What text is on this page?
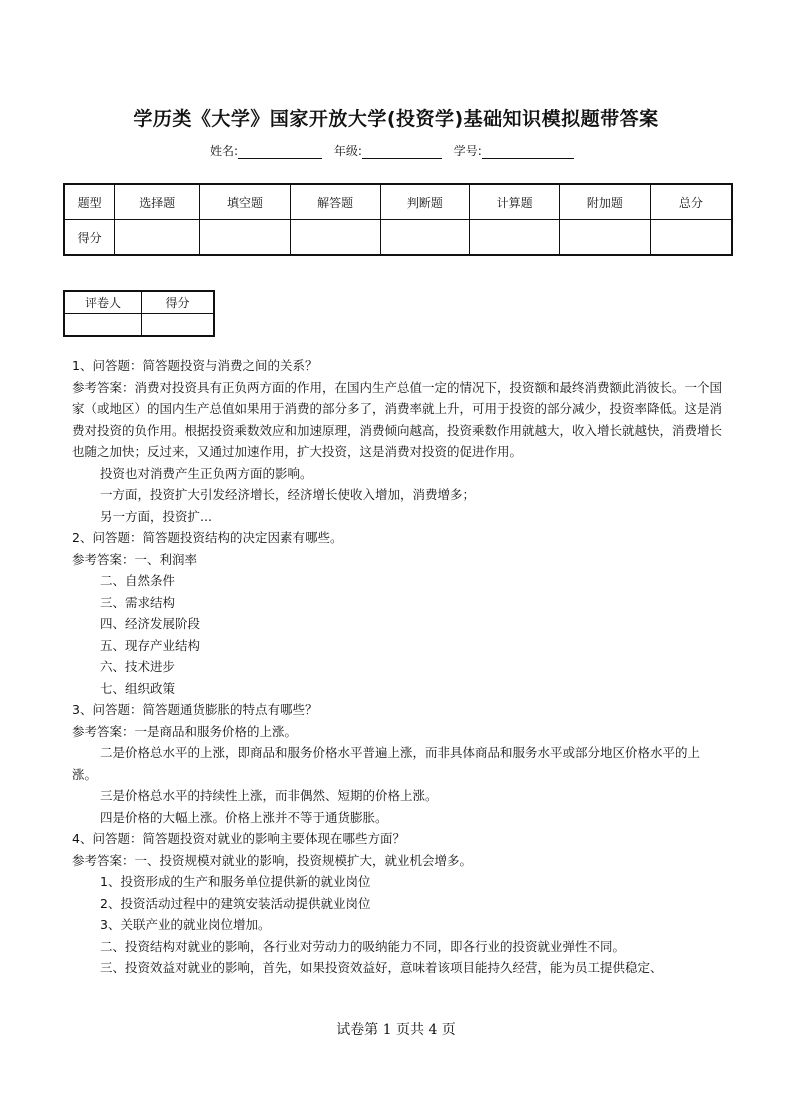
学历类《大学》国家开放大学(投资学)基础知识模拟题带答案
姓名:	年级:	学号:
题型	选择题	填空题	解答题	判断题	计算题	附加题	总分
得分							
评卷人	得分

1、问答题：简答题投资与消费之间的关系？

参考答案：消费对投资具有正负两方面的作用，在国内生产总值一定的情况下，投资额和最终消费额此消彼长。一个国家（或地区）的国内生产总值如果用于消费的部分多了，消费率就上升，可用于投资的部分减少，投资率降低。这是消费对投资的负作用。根据投资乘数效应和加速原理，消费倾向越高，投资乘数作用就越大，收入增长就越快，消费增长也随之加快；反过来，又通过加速作用，扩大投资，这是消费对投资的促进作用。

投资也对消费产生正负两方面的影响。

一方面，投资扩大引发经济增长，经济增长使收入增加，消费增多；

另一方面，投资扩...

2、问答题：简答题投资结构的决定因素有哪些。

参考答案：一、利润率

二、自然条件

三、需求结构

四、经济发展阶段

五、现存产业结构

六、技术进步

七、组织政策

3、问答题：简答题通货膨胀的特点有哪些？

参考答案：一是商品和服务价格的上涨。

二是价格总水平的上涨，即商品和服务价格水平普遍上涨，而非具体商品和服务水平或部分地区价格水平的上涨。

三是价格总水平的持续性上涨，而非偶然、短期的价格上涨。

四是价格的大幅上涨。价格上涨并不等于通货膨胀。

4、问答题：简答题投资对就业的影响主要体现在哪些方面？

参考答案：一、投资规模对就业的影响，投资规模扩大，就业机会增多。

1、投资形成的生产和服务单位提供新的就业岗位

2、投资活动过程中的建筑安装活动提供就业岗位

3、关联产业的就业岗位增加。

二、投资结构对就业的影响，各行业对劳动力的吸纳能力不同，即各行业的投资就业弹性不同。

三、投资效益对就业的影响，首先，如果投资效益好，意味着该项目能持久经营，能为员工提供稳定、

试卷第 1 页共 4 页
